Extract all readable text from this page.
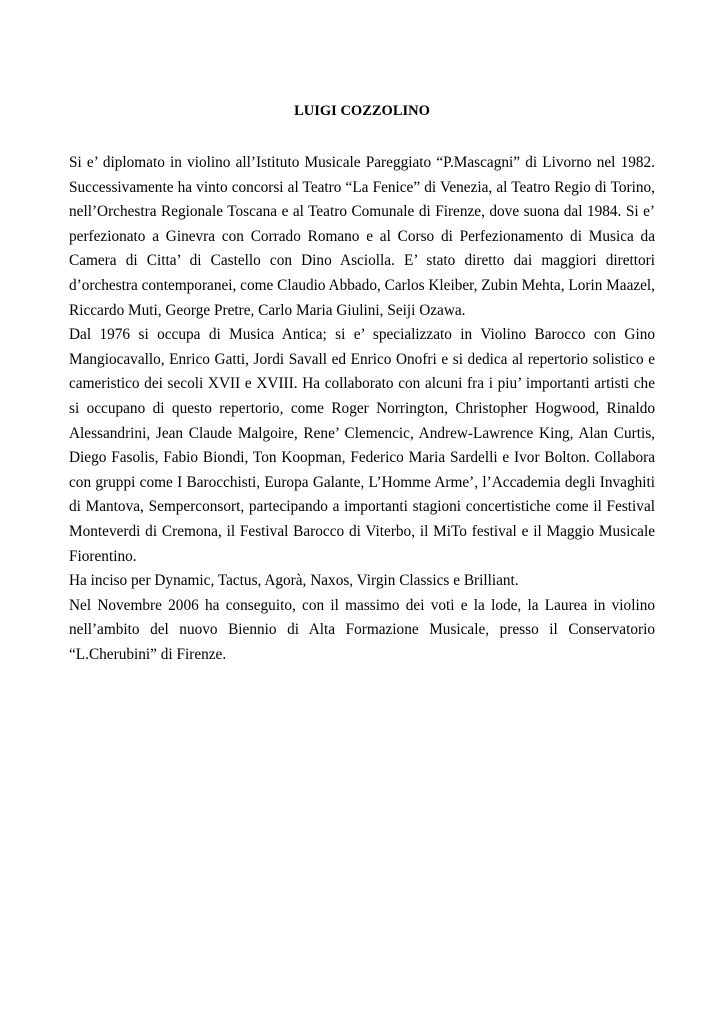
LUIGI COZZOLINO

Si e’ diplomato in violino all’Istituto Musicale Pareggiato “P.Mascagni” di Livorno nel 1982. Successivamente ha vinto concorsi al Teatro “La Fenice” di Venezia, al Teatro Regio di Torino, nell’Orchestra Regionale Toscana e al Teatro Comunale di Firenze, dove suona dal 1984. Si e’ perfezionato a Ginevra con Corrado Romano e al Corso di Perfezionamento di Musica da Camera di Citta’ di Castello con Dino Asciolla. E’ stato diretto dai maggiori direttori d’orchestra contemporanei, come Claudio Abbado, Carlos Kleiber, Zubin Mehta, Lorin Maazel, Riccardo Muti, George Pretre, Carlo Maria Giulini, Seiji Ozawa.

Dal 1976 si occupa di Musica Antica; si e’ specializzato in Violino Barocco con Gino Mangiocavallo, Enrico Gatti, Jordi Savall ed Enrico Onofri e si dedica al repertorio solistico e cameristico dei secoli XVII e XVIII. Ha collaborato con alcuni fra i piu’ importanti artisti che si occupano di questo repertorio, come Roger Norrington, Christopher Hogwood, Rinaldo Alessandrini, Jean Claude Malgoire, Rene’ Clemencic, Andrew-Lawrence King, Alan Curtis, Diego Fasolis, Fabio Biondi, Ton Koopman, Federico Maria Sardelli e Ivor Bolton. Collabora con gruppi come I Barocchisti, Europa Galante, L’Homme Arme’, l’Accademia degli Invaghiti di Mantova, Semperconsort, partecipando a importanti stagioni concertistiche come il Festival Monteverdi di Cremona, il Festival Barocco di Viterbo, il MiTo festival e il Maggio Musicale Fiorentino.

Ha inciso per Dynamic, Tactus, Agorà, Naxos, Virgin Classics e Brilliant.

Nel Novembre 2006 ha conseguito, con il massimo dei voti e la lode, la Laurea in violino nell’ambito del nuovo Biennio di Alta Formazione Musicale, presso il Conservatorio “L.Cherubini” di Firenze.
